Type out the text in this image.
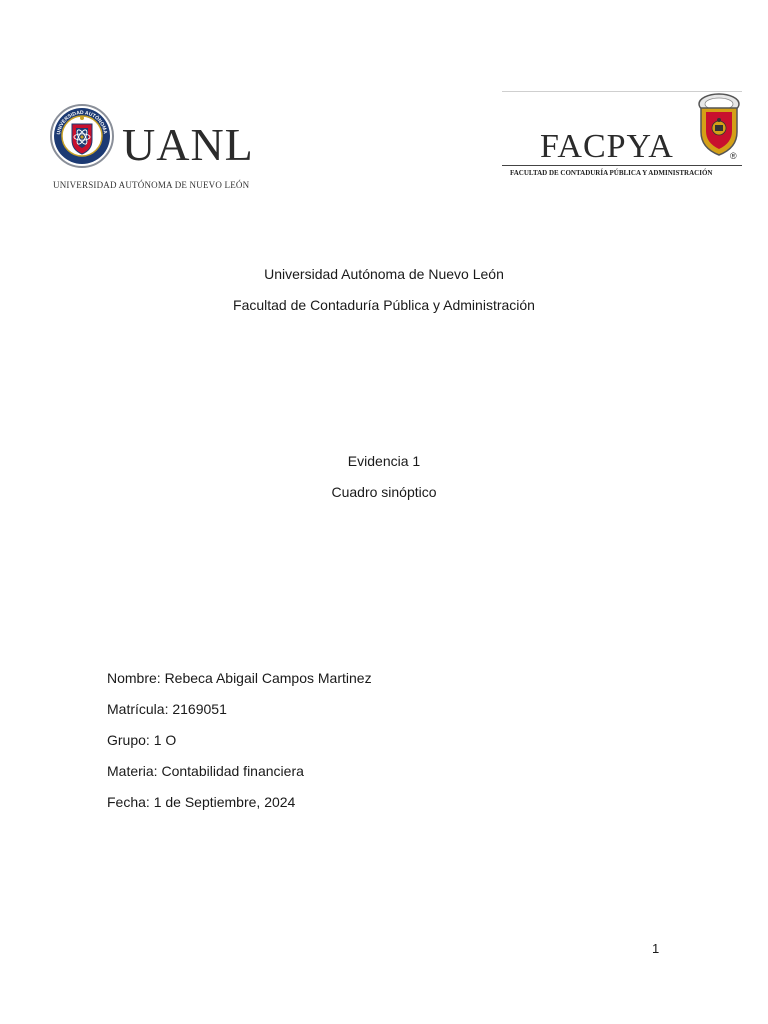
UNIVERSIDAD AUTÓNOMA UANL
UNIVERSIDAD AUTÓNOMA DE NUEVO LEÓN
FACPYA	®
FACULTAD DE CONTADURÍA PÚBLICA Y ADMINISTRACIÓN
Universidad Autónoma de Nuevo León
Facultad de Contaduría Pública y Administración
Evidencia 1
Cuadro sinóptico
Nombre: Rebeca Abigail Campos Martinez
Matrícula: 2169051
Grupo: 1 O
Materia: Contabilidad financiera
Fecha: 1 de Septiembre, 2024
1
